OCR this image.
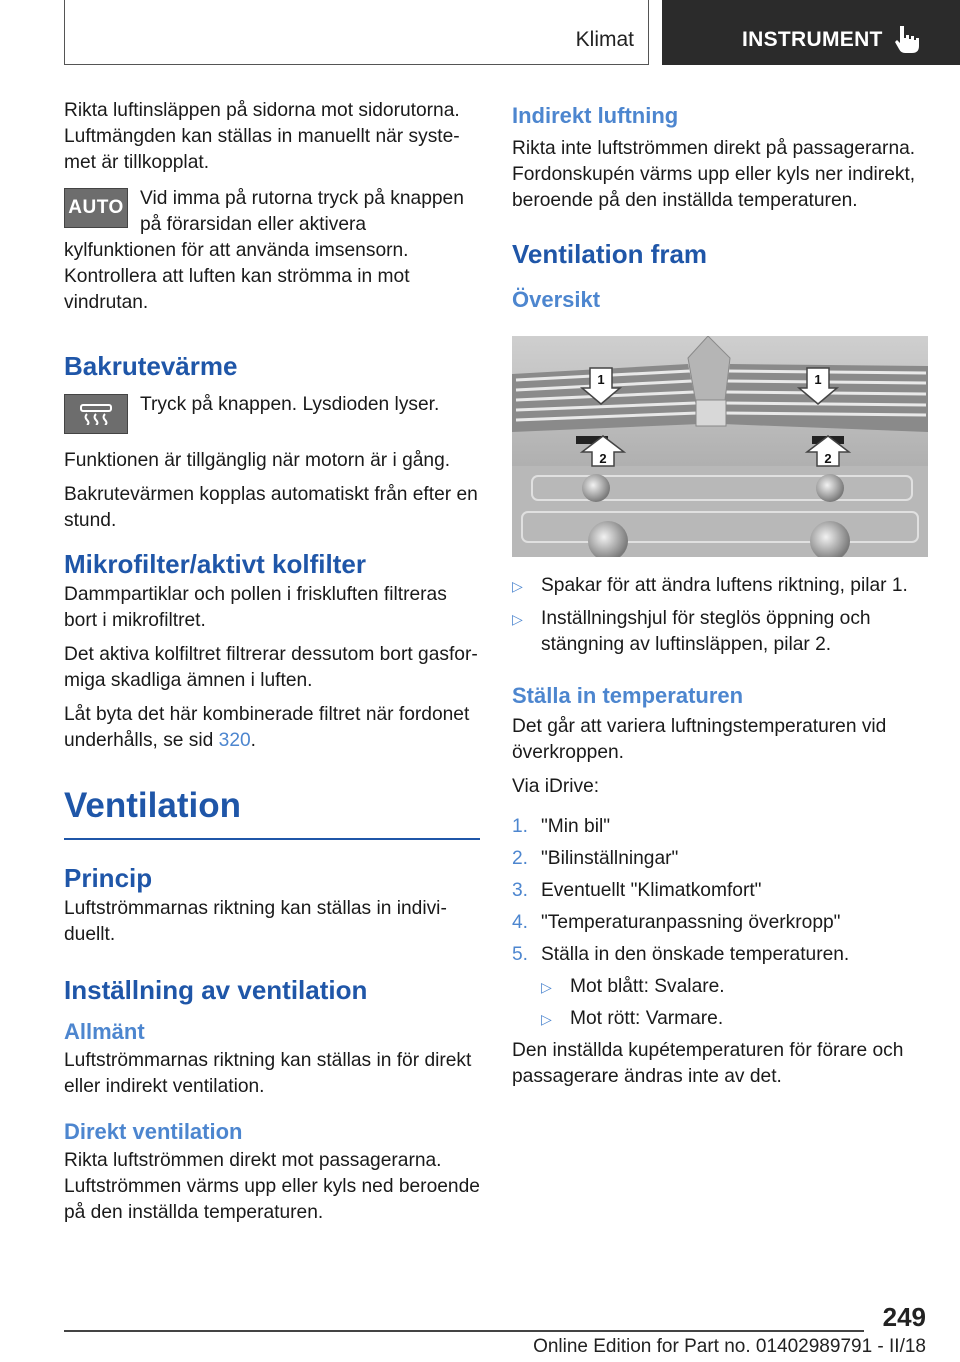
Klimat	INSTRUMENT

Rikta luftinsläppen på sidorna mot sidorutorna. Luftmängden kan ställas in manuellt när systemet är tillkopplat.

AUTO Vid imma på rutorna tryck på knappen på förarsidan eller aktivera kylfunktionen för att använda imsensorn. Kontrollera att luften kan strömma in mot vindrutan.

Bakrutevärme

Tryck på knappen. Lysdioden lyser.

Funktionen är tillgänglig när motorn är i gång.

Bakrutevärmen kopplas automatiskt från efter en stund.

Mikrofilter/aktivt kolfilter

Dammpartiklar och pollen i friskluften filtreras bort i mikrofiltret.

Det aktiva kolfiltret filtrerar dessutom bort gasformiga skadliga ämnen i luften.

Låt byta det här kombinerade filtret när fordonet underhålls, se sid 320.

Ventilation
Princip

Luftströmmarnas riktning kan ställas in individuellt.

Inställning av ventilation
Allmänt

Luftströmmarnas riktning kan ställas in för direkt eller indirekt ventilation.

Direkt ventilation

Rikta luftströmmen direkt mot passagerarna. Luftströmmen värms upp eller kyls ned beroende på den inställda temperaturen.

Indirekt luftning

Rikta inte luftströmmen direkt på passagerarna. Fordonskupén värms upp eller kyls ner indirekt, beroende på den inställda temperaturen.

Ventilation fram
Översikt
1	1
2	2
▷ Spakar för att ändra luftens riktning, pilar 1.
▷ Inställningshjul för steglös öppning och stängning av luftinsläppen, pilar 2.
Ställa in temperaturen

Det går att variera luftningstemperaturen vid överkroppen.

Via iDrive:

1. "Min bil"
2. "Bilinställningar"
3. Eventuellt "Klimatkomfort"
4. "Temperaturanpassning överkropp"
5. Ställa in den önskade temperaturen.
▷ Mot blått: Svalare.
▷ Mot rött: Varmare.

Den inställda kupétemperaturen för förare och passagerare ändras inte av det.

249
Online Edition for Part no. 01402989791 - II/18
